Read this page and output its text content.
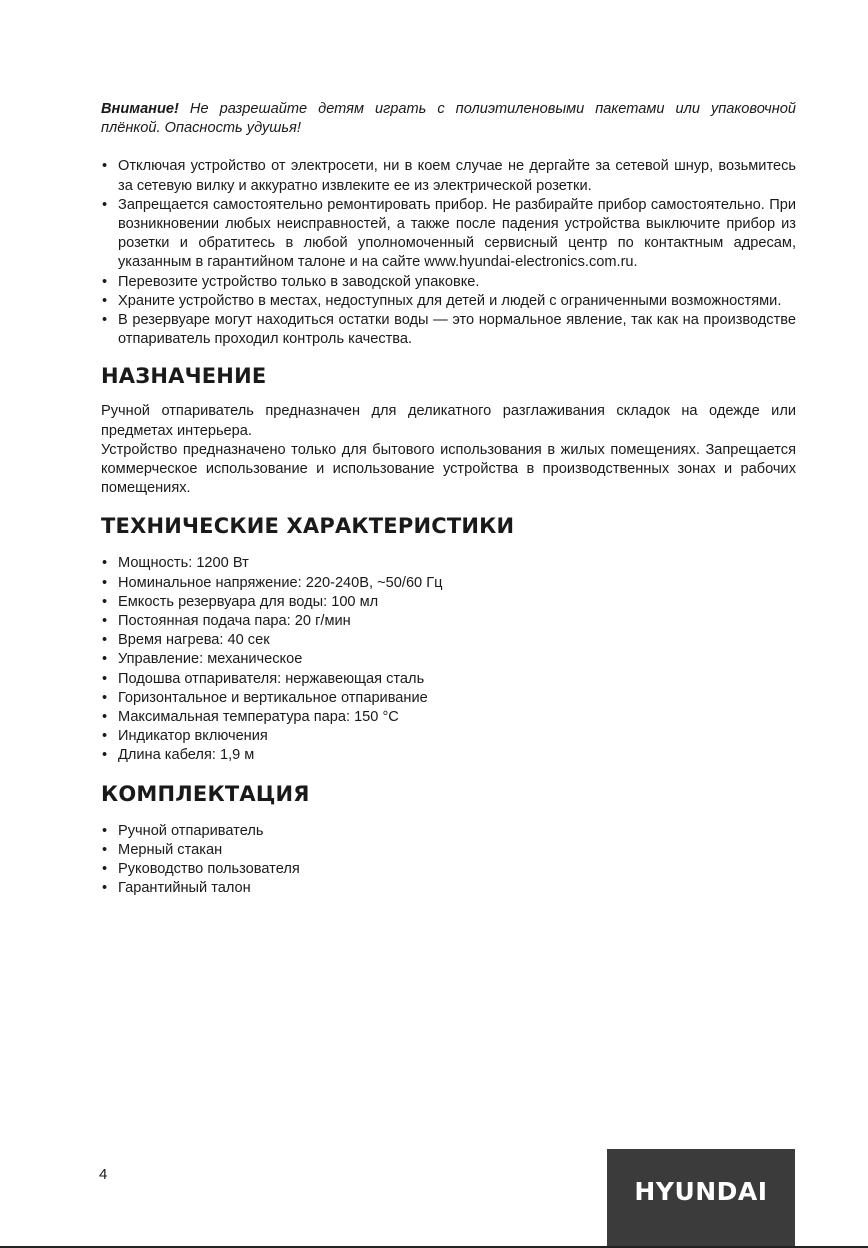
Внимание! Не разрешайте детям играть с полиэтиленовыми пакетами или упаковочной плёнкой. Опасность удушья!

• Отключая устройство от электросети, ни в коем случае не дергайте за сетевой шнур, возьмитесь за сетевую вилку и аккуратно извлеките ее из электрической розетки.
• Запрещается самостоятельно ремонтировать прибор. Не разбирайте прибор самостоятельно. При возникновении любых неисправностей, а также после падения устройства выключите прибор из розетки и обратитесь в любой уполномоченный сервисный центр по контактным адресам, указанным в гарантийном талоне и на сайте www.hyundai-electronics.com.ru.
• Перевозите устройство только в заводской упаковке.
• Храните устройство в местах, недоступных для детей и людей с ограниченными возможностями.
• В резервуаре могут находиться остатки воды — это нормальное явление, так как на производстве отпариватель проходил контроль качества.
НАЗНАЧЕНИЕ

Ручной отпариватель предназначен для деликатного разглаживания складок на одежде или предметах интерьера.

Устройство предназначено только для бытового использования в жилых помещениях. Запрещается коммерческое использование и использование устройства в производственных зонах и рабочих помещениях.

ТЕХНИЧЕСКИЕ ХАРАКТЕРИСТИКИ
• Мощность: 1200 Вт
• Номинальное напряжение: 220-240В, ~50/60 Гц
• Емкость резервуара для воды: 100 мл
• Постоянная подача пара: 20 г/мин
• Время нагрева: 40 сек
• Управление: механическое
• Подошва отпаривателя: нержавеющая сталь
• Горизонтальное и вертикальное отпаривание
• Максимальная температура пара: 150 °C
• Индикатор включения
• Длина кабеля: 1,9 м
КОМПЛЕКТАЦИЯ
• Ручной отпариватель
• Мерный стакан
• Руководство пользователя
• Гарантийный талон
4
HYUNDAI
